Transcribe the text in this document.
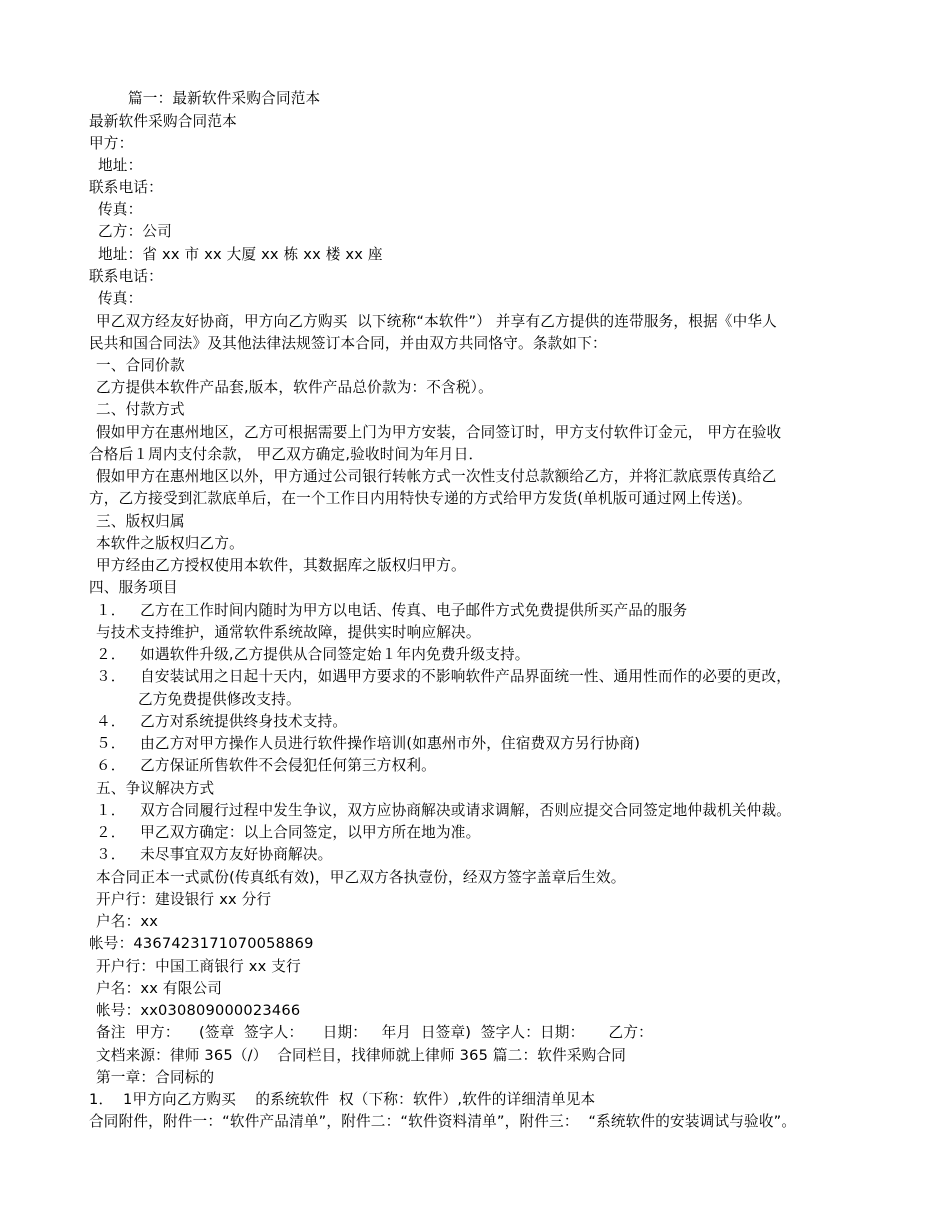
篇一：最新软件采购合同范本
最新软件采购合同范本
甲方：
地址：
联系电话：
传真：
乙方：公司
地址：省 xx 市 xx 大厦 xx 栋 xx 楼 xx 座
联系电话：
传真：
甲乙双方经友好协商，甲方向乙方购买  以下统称“本软件”） 并享有乙方提供的连带服务，根据《中华人
民共和国合同法》及其他法律法规签订本合同，并由双方共同恪守。条款如下：
一、合同价款
乙方提供本软件产品套,版本，软件产品总价款为：不含税）。
二、付款方式
假如甲方在惠州地区，乙方可根据需要上门为甲方安装，合同签订时，甲方支付软件订金元， 甲方在验收
合格后１周内支付余款， 甲乙双方确定,验收时间为年月日．
假如甲方在惠州地区以外，甲方通过公司银行转帐方式一次性支付总款额给乙方，并将汇款底票传真给乙
方，乙方接受到汇款底单后，在一个工作日内用特快专递的方式给甲方发货(单机版可通过网上传送)。
三、版权归属
本软件之版权归乙方。
甲方经由乙方授权使用本软件，其数据库之版权归甲方。
四、服务项目
１．   乙方在工作时间内随时为甲方以电话、传真、电子邮件方式免费提供所买产品的服务
与技术支持维护，通常软件系统故障，提供实时响应解决。
２．   如遇软件升级,乙方提供从合同签定始１年内免费升级支持。
３．   自安装试用之日起十天内，如遇甲方要求的不影响软件产品界面统一性、通用性而作的必要的更改，
乙方免费提供修改支持。
４．   乙方对系统提供终身技术支持。
５．   由乙方对甲方操作人员进行软件操作培训(如惠州市外，住宿费双方另行协商)
６．   乙方保证所售软件不会侵犯任何第三方权利。
五、争议解决方式
１．   双方合同履行过程中发生争议，双方应协商解决或请求调解，否则应提交合同签定地仲裁机关仲裁。
２．   甲乙双方确定：以上合同签定，以甲方所在地为准。
３．   未尽事宜双方友好协商解决。
本合同正本一式贰份(传真纸有效)，甲乙双方各执壹份，经双方签字盖章后生效。
开户行：建设银行 xx 分行
户名：xx
帐号：4367423171070058869
开户行：中国工商银行 xx 支行
户名：xx 有限公司
帐号：xx030809000023466
备注  甲方：    (签章  签字人：    日期：   年月  日签章)  签字人：日期：     乙方：
文档来源：律师 365（/）  合同栏目，找律师就上律师 365 篇二：软件采购合同
第一章：合同标的
1．  1甲方向乙方购买    的系统软件  权（下称：软件）,软件的详细清单见本
合同附件，附件一：“软件产品清单”，附件二：“软件资料清单”，附件三：  “系统软件的安装调试与验收”。
